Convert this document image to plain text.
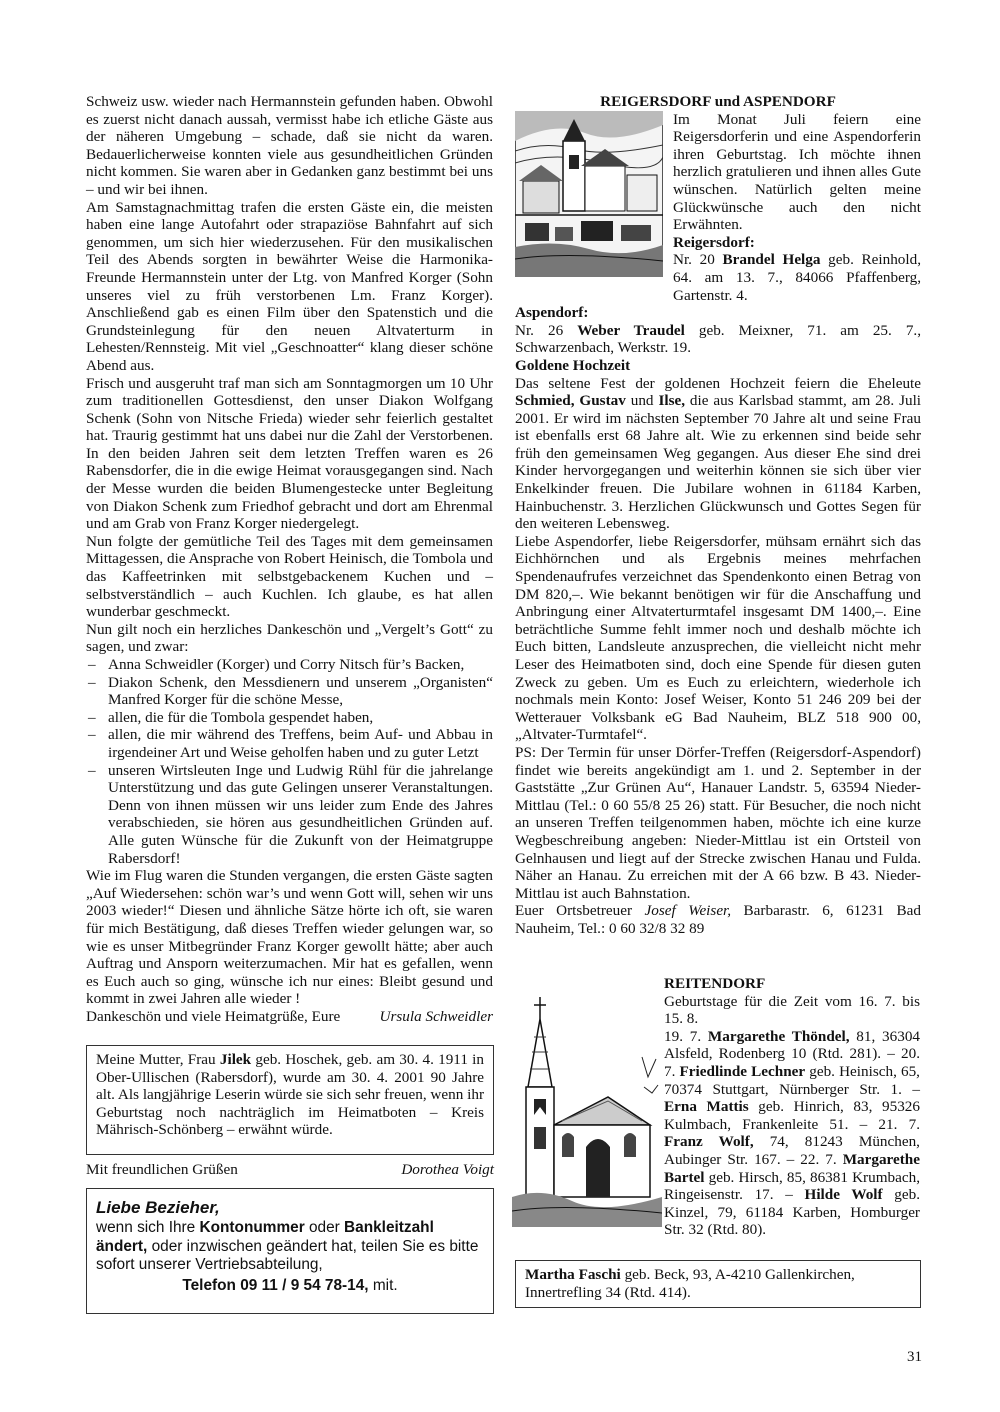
Schweiz usw. wieder nach Hermannstein gefunden haben. Obwohl es zuerst nicht danach aussah, vermisst habe ich etliche Gäste aus der näheren Umgebung – schade, daß sie nicht da waren. Bedauerlicherweise konnten viele aus gesundheitlichen Gründen nicht kommen. Sie waren aber in Gedanken ganz bestimmt bei uns – und wir bei ihnen.

Am Samstagnachmittag trafen die ersten Gäste ein, die meisten haben eine lange Autofahrt oder strapaziöse Bahnfahrt auf sich genommen, um sich hier wiederzusehen. Für den musikalischen Teil des Abends sorgten in bewährter Weise die Harmonika-Freunde Hermannstein unter der Ltg. von Manfred Korger (Sohn unseres viel zu früh verstorbenen Lm. Franz Korger). Anschließend gab es einen Film über den Spatenstich und die Grundsteinlegung für den neuen Altvaterturm in Lehesten/Rennsteig. Mit viel „Geschnoatter“ klang dieser schöne Abend aus.

Frisch und ausgeruht traf man sich am Sonntagmorgen um 10 Uhr zum traditionellen Gottesdienst, den unser Diakon Wolfgang Schenk (Sohn von Nitsche Frieda) wieder sehr feierlich gestaltet hat. Traurig gestimmt hat uns dabei nur die Zahl der Verstorbenen. In den beiden Jahren seit dem letzten Treffen waren es 26 Rabensdorfer, die in die ewige Heimat vorausgegangen sind. Nach der Messe wurden die beiden Blumengestecke unter Begleitung von Diakon Schenk zum Friedhof gebracht und dort am Ehrenmal und am Grab von Franz Korger niedergelegt.

Nun folgte der gemütliche Teil des Tages mit dem gemeinsamen Mittagessen, die Ansprache von Robert Heinisch, die Tombola und das Kaffeetrinken mit selbstgebackenem Kuchen und – selbstverständlich – auch Kuchlen. Ich glaube, es hat allen wunderbar geschmeckt.

Nun gilt noch ein herzliches Dankeschön und „Vergelt’s Gott“ zu sagen, und zwar:

– Anna Schweidler (Korger) und Corry Nitsch für’s Backen,
– Diakon Schenk, den Messdienern und unserem „Organisten“ Manfred Korger für die schöne Messe,
– allen, die für die Tombola gespendet haben,
– allen, die mir während des Treffens, beim Auf- und Abbau in irgendeiner Art und Weise geholfen haben und zu guter Letzt
– unseren Wirtsleuten Inge und Ludwig Rühl für die jahrelange Unterstützung und das gute Gelingen unserer Veranstaltungen. Denn von ihnen müssen wir uns leider zum Ende des Jahres verabschieden, sie hören aus gesundheitlichen Gründen auf. Alle guten Wünsche für die Zukunft von der Heimatgruppe Rabersdorf!

Wie im Flug waren die Stunden vergangen, die ersten Gäste sagten „Auf Wiedersehen: schön war’s und wenn Gott will, sehen wir uns 2003 wieder!“ Diesen und ähnliche Sätze hörte ich oft, sie waren für mich Bestätigung, daß dieses Treffen wieder gelungen war, so wie es unser Mitbegründer Franz Korger gewollt hätte; aber auch Auftrag und Ansporn weiterzumachen. Mir hat es gefallen, wenn es Euch auch so ging, wünsche ich nur eines: Bleibt gesund und kommt in zwei Jahren alle wieder !

Dankeschön und viele Heimatgrüße, Eure	Ursula Schweidler
Meine Mutter, Frau Jilek geb. Hoschek, geb. am 30. 4. 1911 in Ober-Ullischen (Rabersdorf), wurde am 30. 4. 2001 90 Jahre alt. Als langjährige Leserin würde sie sich sehr freuen, wenn ihr Geburtstag noch nachträglich im Heimatboten – Kreis Mährisch-Schönberg – erwähnt würde.
Mit freundlichen Grüßen	Dorothea Voigt
Liebe Bezieher,
wenn sich Ihre Kontonummer oder Bankleitzahl ändert, oder inzwischen geändert hat, teilen Sie es bitte sofort unserer Vertriebsabteilung,
Telefon 09 11 / 9 54 78-14, mit.
REIGERSDORF und ASPENDORF

Im Monat Juli feiern eine Reigersdorferin und eine Aspendorferin ihren Geburtstag. Ich möchte ihnen herzlich gratulieren und ihnen alles Gute wünschen. Natürlich gelten meine Glückwünsche auch den nicht Erwähnten.

Reigersdorf:

Nr. 20 Brandel Helga geb. Reinhold, 64. am 13. 7., 84066 Pfaffenberg, Gartenstr. 4.

Aspendorf:

Nr. 26 Weber Traudel geb. Meixner, 71. am 25. 7., Schwarzenbach, Werkstr. 19.

Goldene Hochzeit

Das seltene Fest der goldenen Hochzeit feiern die Eheleute Schmied, Gustav und Ilse, die aus Karlsbad stammt, am 28. Juli 2001. Er wird im nächsten September 70 Jahre alt und seine Frau ist ebenfalls erst 68 Jahre alt. Wie zu erkennen sind beide sehr früh den gemeinsamen Weg gegangen. Aus dieser Ehe sind drei Kinder hervorgegangen und weiterhin können sie sich über vier Enkelkinder freuen. Die Jubilare wohnen in 61184 Karben, Hainbuchenstr. 3. Herzlichen Glückwunsch und Gottes Segen für den weiteren Lebensweg.

Liebe Aspendorfer, liebe Reigersdorfer, mühsam ernährt sich das Eichhörnchen und als Ergebnis meines mehrfachen Spendenaufrufes verzeichnet das Spendenkonto einen Betrag von DM 820,–. Wie bekannt benötigen wir für die Anschaffung und Anbringung einer Altvaterturmtafel insgesamt DM 1400,–. Eine beträchtliche Summe fehlt immer noch und deshalb möchte ich Euch bitten, Landsleute anzusprechen, die vielleicht nicht mehr Leser des Heimatboten sind, doch eine Spende für diesen guten Zweck zu geben. Um es Euch zu erleichtern, wiederhole ich nochmals mein Konto: Josef Weiser, Konto 51 246 209 bei der Wetterauer Volksbank eG Bad Nauheim, BLZ 518 900 00, „Altvater-Turmtafel“.

PS: Der Termin für unser Dörfer-Treffen (Reigersdorf-Aspendorf) findet wie bereits angekündigt am 1. und 2. September in der Gaststätte „Zur Grünen Au“, Hanauer Landstr. 5, 63594 Nieder-Mittlau (Tel.: 0 60 55/8 25 26) statt. Für Besucher, die noch nicht an unseren Treffen teilgenommen haben, möchte ich eine kurze Wegbeschreibung angeben: Nieder-Mittlau ist ein Ortsteil von Gelnhausen und liegt auf der Strecke zwischen Hanau und Fulda. Näher an Hanau. Zu erreichen mit der A 66 bzw. B 43. Nieder-Mittlau ist auch Bahnstation.

Euer Ortsbetreuer Josef Weiser, Barbarastr. 6, 61231 Bad Nauheim, Tel.: 0 60 32/8 32 89

REITENDORF

Geburtstage für die Zeit vom 16. 7. bis 15. 8.

19. 7. Margarethe Thöndel, 81, 36304 Alsfeld, Rodenberg 10 (Rtd. 281). – 20. 7. Friedlinde Lechner geb. Heinisch, 65, 70374 Stuttgart, Nürnberger Str. 1. – Erna Mattis geb. Hinrich, 83, 95326 Kulmbach, Frankenleite 51. – 21. 7. Franz Wolf, 74, 81243 München, Aubinger Str. 167. – 22. 7. Margarethe Bartel geb. Hirsch, 85, 86381 Krumbach, Ringeisenstr. 17. – Hilde Wolf geb. Kinzel, 79, 61184 Karben, Homburger Str. 32 (Rtd. 80).

Martha Faschi geb. Beck, 93, A-4210 Gallenkirchen, Innertrefling 34 (Rtd. 414).
31
